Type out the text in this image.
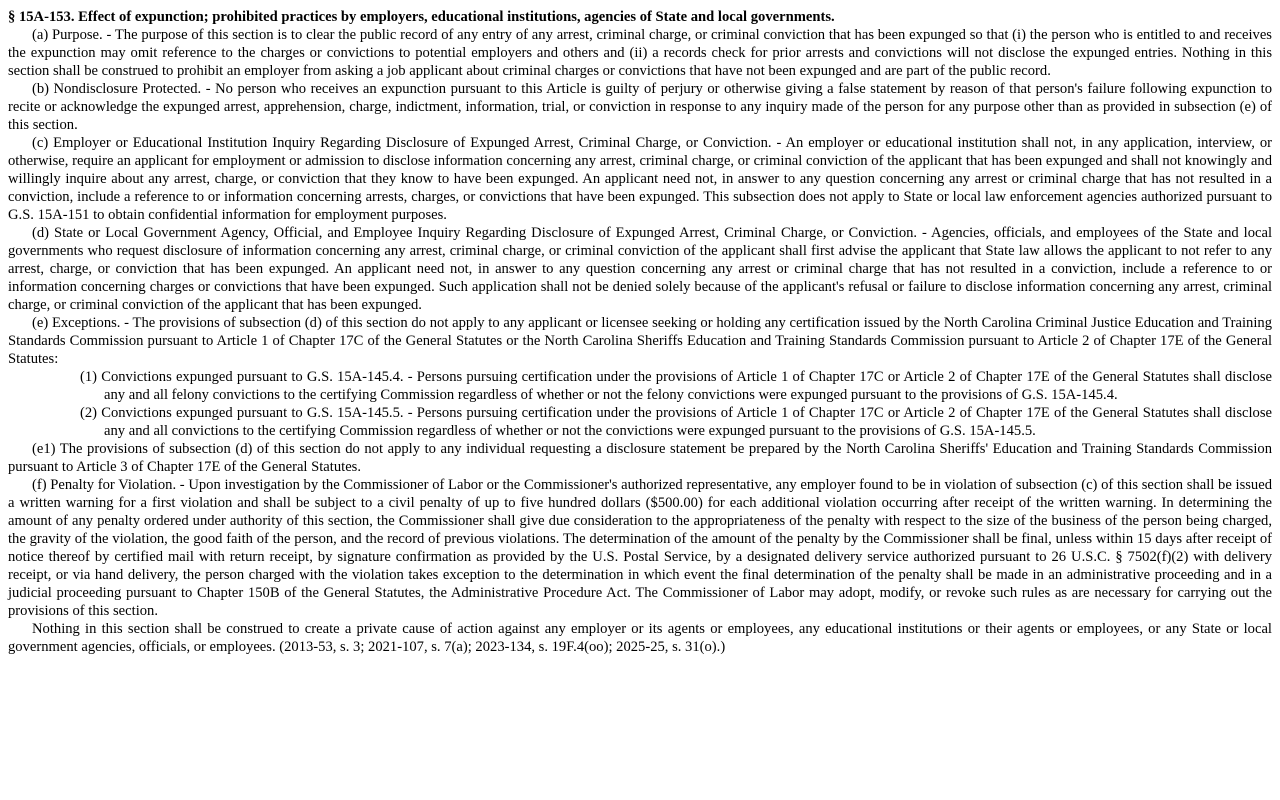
§ 15A-153. Effect of expunction; prohibited practices by employers, educational institutions, agencies of State and local governments.

(a) Purpose. - The purpose of this section is to clear the public record of any entry of any arrest, criminal charge, or criminal conviction that has been expunged so that (i) the person who is entitled to and receives the expunction may omit reference to the charges or convictions to potential employers and others and (ii) a records check for prior arrests and convictions will not disclose the expunged entries. Nothing in this section shall be construed to prohibit an employer from asking a job applicant about criminal charges or convictions that have not been expunged and are part of the public record.

(b) Nondisclosure Protected. - No person who receives an expunction pursuant to this Article is guilty of perjury or otherwise giving a false statement by reason of that person's failure following expunction to recite or acknowledge the expunged arrest, apprehension, charge, indictment, information, trial, or conviction in response to any inquiry made of the person for any purpose other than as provided in subsection (e) of this section.

(c) Employer or Educational Institution Inquiry Regarding Disclosure of Expunged Arrest, Criminal Charge, or Conviction. - An employer or educational institution shall not, in any application, interview, or otherwise, require an applicant for employment or admission to disclose information concerning any arrest, criminal charge, or criminal conviction of the applicant that has been expunged and shall not knowingly and willingly inquire about any arrest, charge, or conviction that they know to have been expunged. An applicant need not, in answer to any question concerning any arrest or criminal charge that has not resulted in a conviction, include a reference to or information concerning arrests, charges, or convictions that have been expunged. This subsection does not apply to State or local law enforcement agencies authorized pursuant to G.S. 15A-151 to obtain confidential information for employment purposes.

(d) State or Local Government Agency, Official, and Employee Inquiry Regarding Disclosure of Expunged Arrest, Criminal Charge, or Conviction. - Agencies, officials, and employees of the State and local governments who request disclosure of information concerning any arrest, criminal charge, or criminal conviction of the applicant shall first advise the applicant that State law allows the applicant to not refer to any arrest, charge, or conviction that has been expunged. An applicant need not, in answer to any question concerning any arrest or criminal charge that has not resulted in a conviction, include a reference to or information concerning charges or convictions that have been expunged. Such application shall not be denied solely because of the applicant's refusal or failure to disclose information concerning any arrest, criminal charge, or criminal conviction of the applicant that has been expunged.

(e) Exceptions. - The provisions of subsection (d) of this section do not apply to any applicant or licensee seeking or holding any certification issued by the North Carolina Criminal Justice Education and Training Standards Commission pursuant to Article 1 of Chapter 17C of the General Statutes or the North Carolina Sheriffs Education and Training Standards Commission pursuant to Article 2 of Chapter 17E of the General Statutes:

(1) Convictions expunged pursuant to G.S. 15A-145.4. - Persons pursuing certification under the provisions of Article 1 of Chapter 17C or Article 2 of Chapter 17E of the General Statutes shall disclose any and all felony convictions to the certifying Commission regardless of whether or not the felony convictions were expunged pursuant to the provisions of G.S. 15A-145.4.

(2) Convictions expunged pursuant to G.S. 15A-145.5. - Persons pursuing certification under the provisions of Article 1 of Chapter 17C or Article 2 of Chapter 17E of the General Statutes shall disclose any and all convictions to the certifying Commission regardless of whether or not the convictions were expunged pursuant to the provisions of G.S. 15A-145.5.

(e1) The provisions of subsection (d) of this section do not apply to any individual requesting a disclosure statement be prepared by the North Carolina Sheriffs' Education and Training Standards Commission pursuant to Article 3 of Chapter 17E of the General Statutes.

(f) Penalty for Violation. - Upon investigation by the Commissioner of Labor or the Commissioner's authorized representative, any employer found to be in violation of subsection (c) of this section shall be issued a written warning for a first violation and shall be subject to a civil penalty of up to five hundred dollars ($500.00) for each additional violation occurring after receipt of the written warning. In determining the amount of any penalty ordered under authority of this section, the Commissioner shall give due consideration to the appropriateness of the penalty with respect to the size of the business of the person being charged, the gravity of the violation, the good faith of the person, and the record of previous violations. The determination of the amount of the penalty by the Commissioner shall be final, unless within 15 days after receipt of notice thereof by certified mail with return receipt, by signature confirmation as provided by the U.S. Postal Service, by a designated delivery service authorized pursuant to 26 U.S.C. § 7502(f)(2) with delivery receipt, or via hand delivery, the person charged with the violation takes exception to the determination in which event the final determination of the penalty shall be made in an administrative proceeding and in a judicial proceeding pursuant to Chapter 150B of the General Statutes, the Administrative Procedure Act. The Commissioner of Labor may adopt, modify, or revoke such rules as are necessary for carrying out the provisions of this section.

Nothing in this section shall be construed to create a private cause of action against any employer or its agents or employees, any educational institutions or their agents or employees, or any State or local government agencies, officials, or employees. (2013-53, s. 3; 2021-107, s. 7(a); 2023-134, s. 19F.4(oo); 2025-25, s. 31(o).)
